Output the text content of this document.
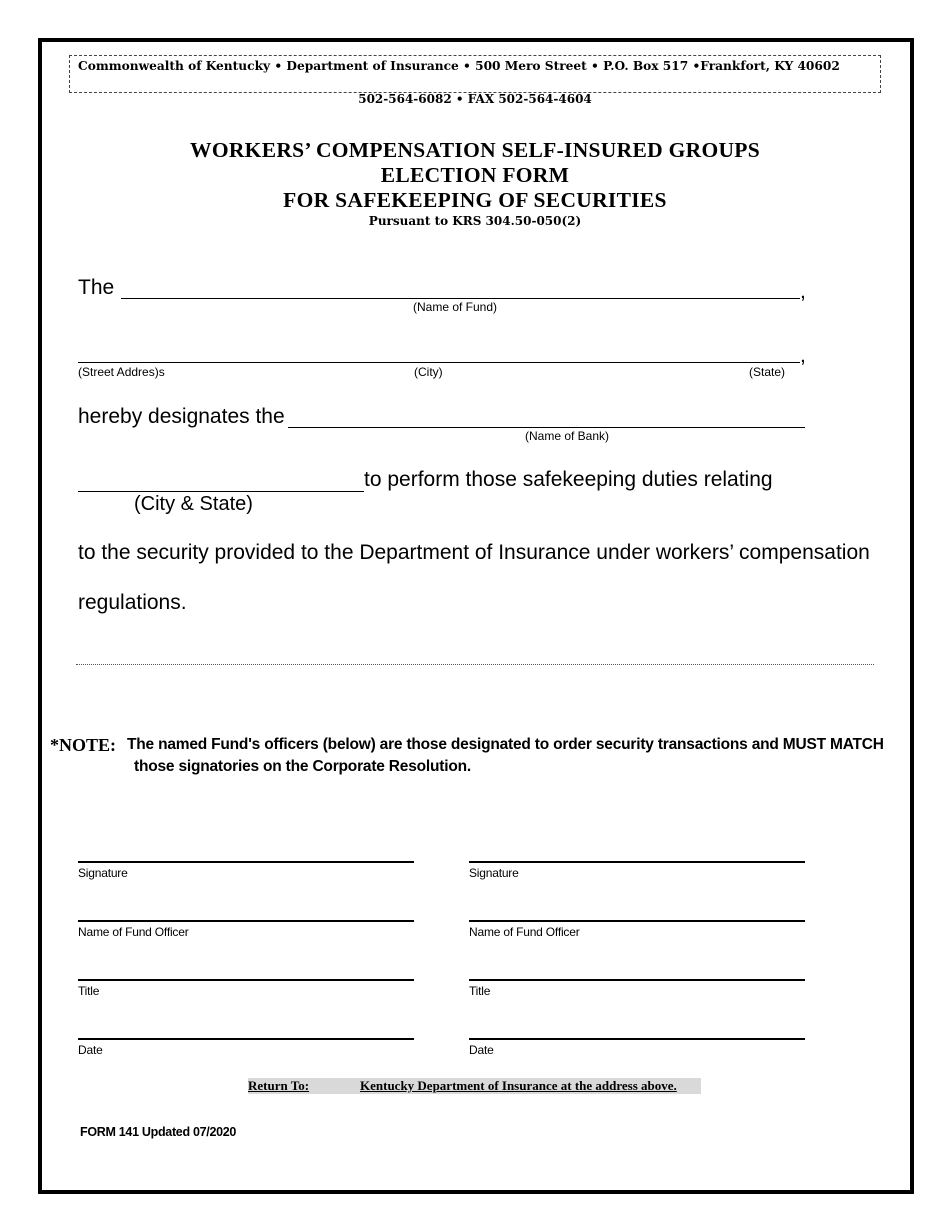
Commonwealth of Kentucky • Department of Insurance • 500 Mero Street • P.O. Box 517 •Frankfort, KY 40602
502-564-6082 • FAX 502-564-4604
WORKERS’ COMPENSATION SELF-INSURED GROUPS
ELECTION FORM
FOR SAFEKEEPING OF SECURITIES
Pursuant to KRS 304.50-050(2)
The	,
(Name of Fund)
,
(Street Addres)s	(City)	(State)
hereby designates the
(Name of Bank)
to perform those safekeeping duties relating
(City & State)
to the security provided to the Department of Insurance under workers’ compensation
regulations.
*NOTE: The named Fund's officers (below) are those designated to order security transactions and MUST MATCH
those signatories on the Corporate Resolution.
Signature
Name of Fund Officer
Title
Date
Signature
Name of Fund Officer
Title
Date
Return To:	Kentucky Department of Insurance at the address above.
FORM 141 Updated 07/2020
